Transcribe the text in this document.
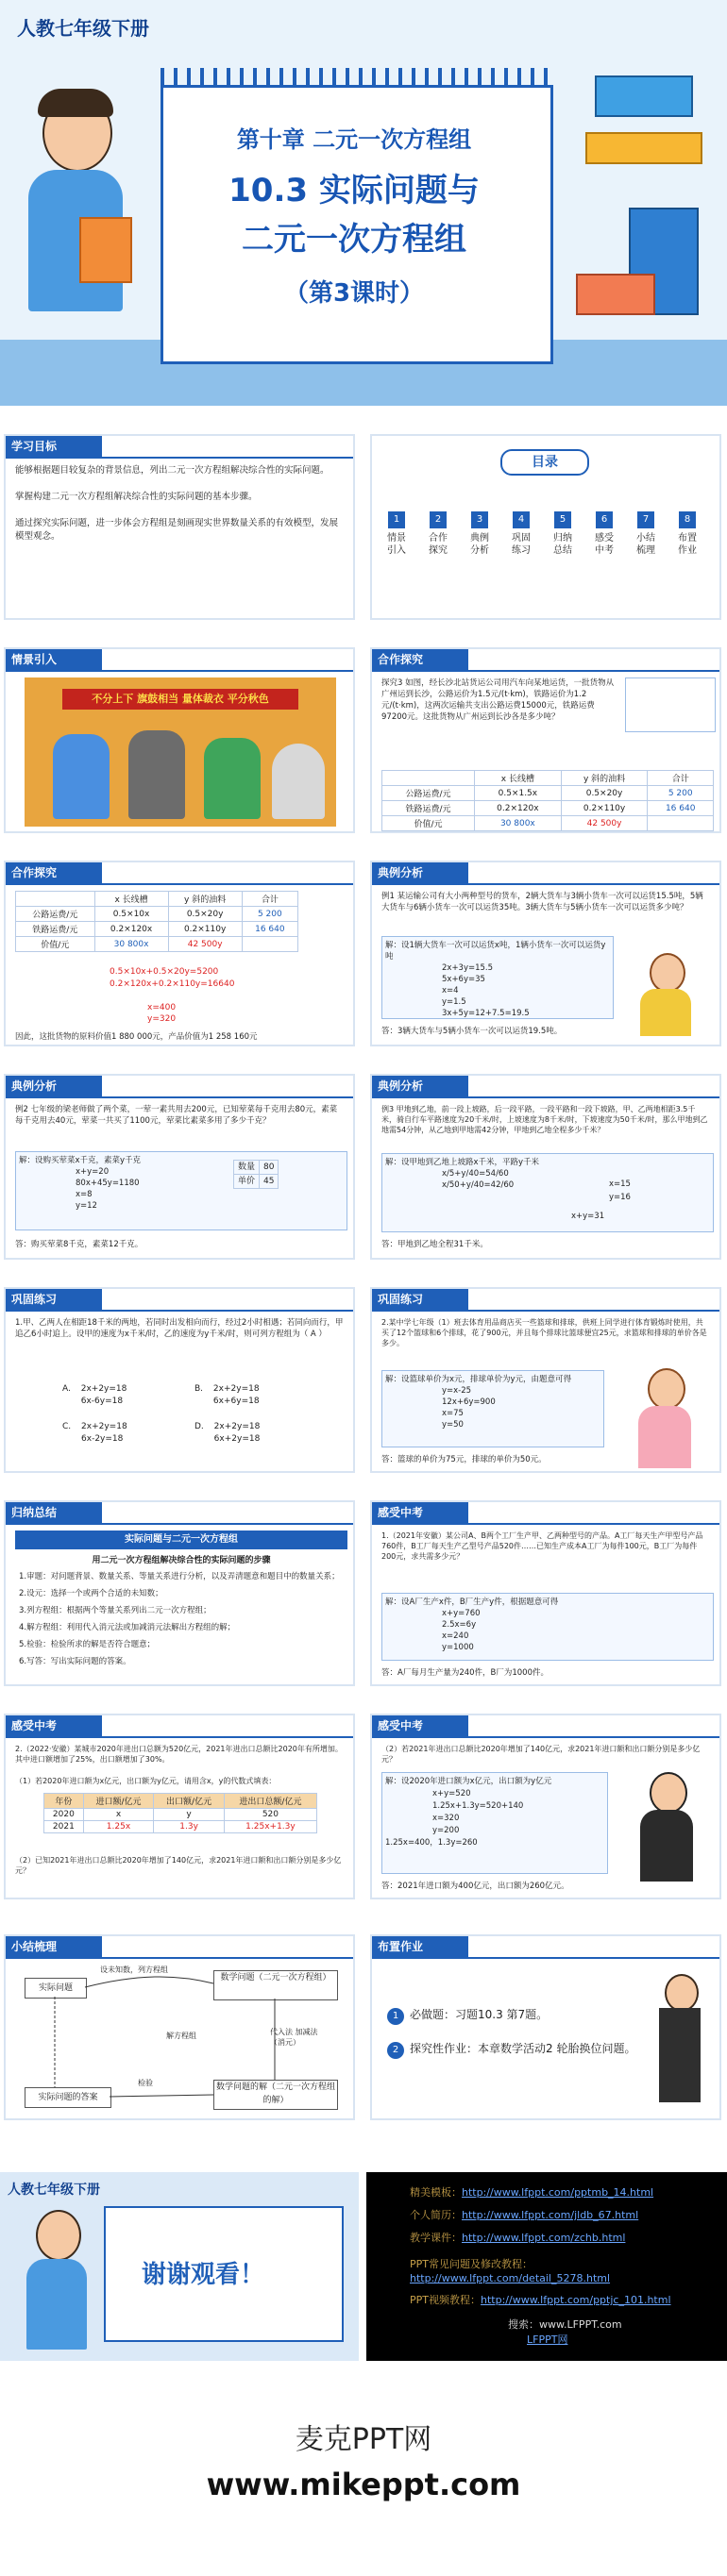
人教七年级下册
第十章 二元一次方程组
10.3 实际问题与
二元一次方程组
（第3课时）
学习目标
能够根据题目较复杂的背景信息，列出二元一次方程组解决综合性的实际问题。
掌握构建二元一次方程组解决综合性的实际问题的基本步骤。
通过探究实际问题，进一步体会方程组是刻画现实世界数量关系的有效模型，发展模型观念。
目录
1
情景引入
2
合作探究
3
典例分析
4
巩固练习
5
归纳总结
6
感受中考
7
小结梳理
8
布置作业
情景引入
不分上下 旗鼓相当 量体裁衣 平分秋色
合作探究
探究3 如图，经长沙北站货运公司用汽车向某地运货，一批货物从广州运到长沙，公路运价为1.5元/(t·km)，铁路运价为1.2元/(t·km)，这两次运输共支出公路运费15000元，铁路运费97200元。这批货物从广州运到长沙各是多少吨？
	x 长线槽	y 斜的油料	合计
公路运费/元	0.5×1.5x	0.5×20y	5 200
铁路运费/元	0.2×120x	0.2×110y	16 640
价值/元	30 800x	42 500y	
合作探究
	x 长线槽	y 斜的油料	合计
公路运费/元	0.5×10x	0.5×20y	5 200
铁路运费/元	0.2×120x	0.2×110y	16 640
价值/元	30 800x	42 500y	
0.5×10x+0.5×20y=5200
0.2×120x+0.2×110y=16640
x=400
y=320
因此，这批货物的原料价值1 880 000元，产品价值为1 258 160元
典例分析
例1 某运输公司有大小两种型号的货车，2辆大货车与3辆小货车一次可以运货15.5吨，5辆大货车与6辆小货车一次可以运货35吨。3辆大货车与5辆小货车一次可以运货多少吨？
解：设1辆大货车一次可以运货x吨，1辆小货车一次可以运货y吨
2x+3y=15.5
5x+6y=35
x=4
y=1.5
3x+5y=12+7.5=19.5
答：3辆大货车与5辆小货车一次可以运货19.5吨。
典例分析
例2 七年级的梁老师做了两个菜，一荤一素共用去200元，已知荤菜每千克用去80元，素菜每千克用去40元，荤菜一共买了1100元，荤菜比素菜多用了多少千克？
解：设购买荤菜x千克，素菜y千克
x+y=20
80x+45y=1180
x=8
y=12
数量	80
单价	45
答：购买荤菜8千克，素菜12千克。
典例分析
例3 甲地到乙地，前一段上坡路，后一段平路，一段平路和一段下坡路，甲、乙两地相距3.5千米，骑自行车平路速度为20千米/时，上坡速度为8千米/时，下坡速度为50千米/时，那么甲地到乙地需54分钟，从乙地到甲地需42分钟，甲地到乙地全程多少千米？
解：设甲地到乙地上坡路x千米，平路y千米
x/5+y/40=54/60
x/50+y/40=42/60	x=15
y=16
x+y=31
答：甲地到乙地全程31千米。
巩固练习
1.甲、乙两人在相距18千米的两地，若同时出发相向而行，经过2小时相遇；若同向而行，甲追乙6小时追上。设甲的速度为x千米/时，乙的速度为y千米/时，则可列方程组为（ A ）
A. 2x+2y=18
6x-6y=18
B. 2x+2y=18
6x+6y=18
C. 2x+2y=18
6x-2y=18
D. 2x+2y=18
6x+2y=18
巩固练习
2.某中学七年级（1）班去体育用品商店买一些篮球和排球，供班上同学进行体育锻炼时使用，共买了12个篮球和6个排球，花了900元，并且每个排球比篮球便宜25元，求篮球和排球的单价各是多少。
解：设篮球单价为x元，排球单价为y元，由题意可得
y=x-25
12x+6y=900
x=75
y=50
答：篮球的单价为75元，排球的单价为50元。
归纳总结
实际问题与二元一次方程组
用二元一次方程组解决综合性的实际问题的步骤
1.审题：对问题背景、数量关系、等量关系进行分析，以及弄清题意和题目中的数量关系；
2.设元：选择一个或两个合适的未知数；
3.列方程组：根据两个等量关系列出二元一次方程组；
4.解方程组：利用代入消元法或加减消元法解出方程组的解；
5.检验：检验所求的解是否符合题意；
6.写答：写出实际问题的答案。
感受中考
1.（2021年安徽）某公司A、B两个工厂生产甲、乙两种型号的产品。A工厂每天生产甲型号产品760件，B工厂每天生产乙型号产品520件……已知生产成本A工厂为每件100元，B工厂为每件200元，求共需多少元？
解：设A厂生产x件，B厂生产y件，根据题意可得
x+y=760
2.5x=6y
x=240
y=1000
答：A厂每月生产量为240件，B厂为1000件。
感受中考
2.（2022·安徽）某城市2020年进出口总额为520亿元，2021年进出口总额比2020年有所增加。其中进口额增加了25%，出口额增加了30%。
（1）若2020年进口额为x亿元，出口额为y亿元，请用含x，y的代数式填表：
年份	进口额/亿元	出口额/亿元	进出口总额/亿元
2020	x	y	520
2021	1.25x	1.3y	1.25x+1.3y
（2）已知2021年进出口总额比2020年增加了140亿元，求2021年进口额和出口额分别是多少亿元？
感受中考
（2）若2021年进出口总额比2020年增加了140亿元，求2021年进口额和出口额分别是多少亿元？
解：设2020年进口额为x亿元，出口额为y亿元
x+y=520
1.25x+1.3y=520+140
x=320
y=200
1.25x=400，1.3y=260
答：2021年进口额为400亿元，出口额为260亿元。
小结梳理
实际问题
数学问题（二元一次方程组）
实际问题的答案
数学问题的解（二元一次方程组的解）
设未知数，列方程组
解方程组	代入法 加减法（消元）
检验
布置作业
1 必做题：习题10.3 第7题。
2 探究性作业：本章数学活动2 轮胎换位问题。
人教七年级下册
谢谢观看！
精美模板：http://www.lfppt.com/pptmb_14.html
个人简历：http://www.lfppt.com/jldb_67.html
教学课件：http://www.lfppt.com/zchb.html
PPT常见问题及修改教程：
http://www.lfppt.com/detail_5278.html
PPT视频教程：http://www.lfppt.com/pptjc_101.html
搜索：www.LFPPT.com
LFPPT网
麦克PPT网
www.mikeppt.com
